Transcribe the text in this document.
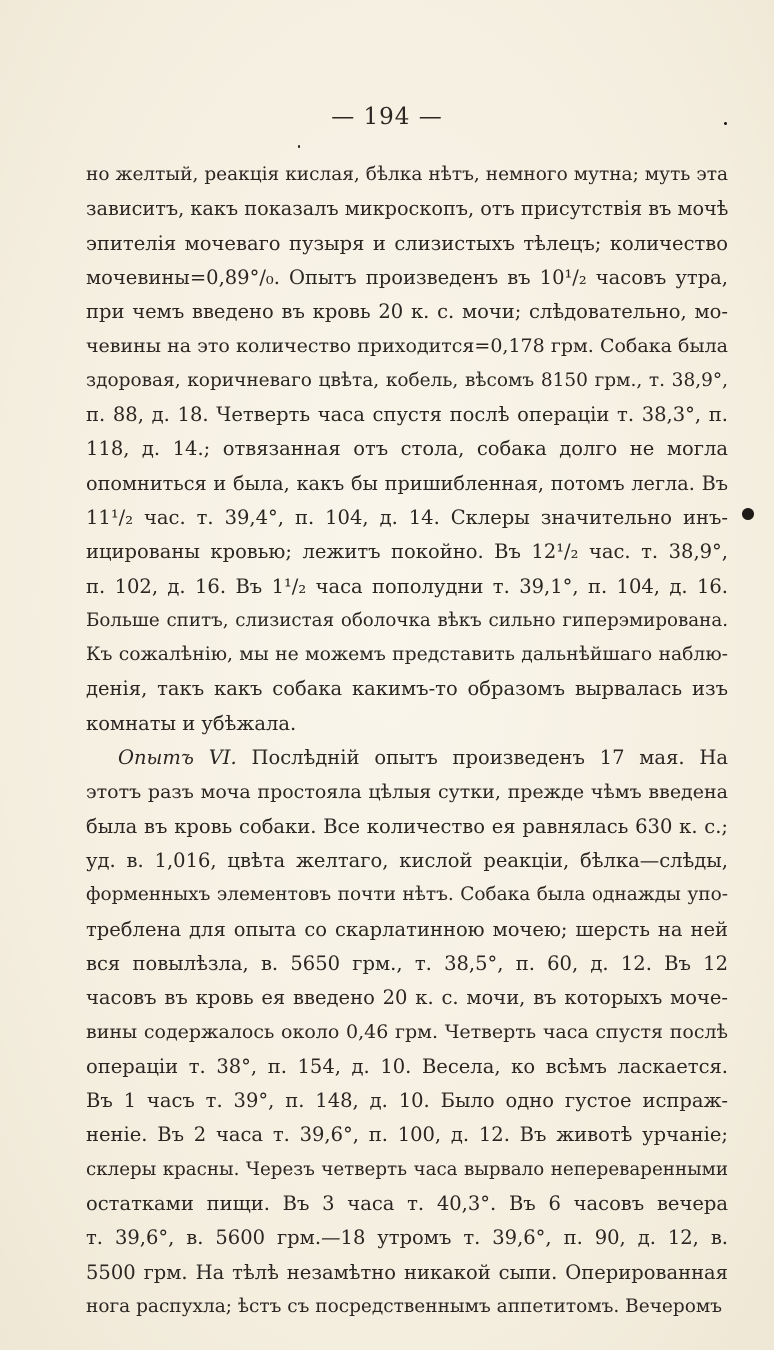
— 194 —
но желтый, реакція кислая, бѣлка нѣтъ, немного мутна; муть эта
зависитъ, какъ показалъ микроскопъ, отъ присутствія въ мочѣ
эпителія мочеваго пузыря и слизистыхъ тѣлецъ; количество
мочевины=0,89°/₀. Опытъ произведенъ въ 10¹/₂ часовъ утра,
при чемъ введено въ кровь 20 к. с. мочи; слѣдовательно, мо-
чевины на это количество приходится=0,178 грм. Собака была
здоровая, коричневаго цвѣта, кобель, вѣсомъ 8150 грм., т. 38,9°,
п. 88, д. 18. Четверть часа спустя послѣ операціи т. 38,3°, п.
118, д. 14.; отвязанная отъ стола, собака долго не могла
опомниться и была, какъ бы пришибленная, потомъ легла. Въ
11¹/₂ час. т. 39,4°, п. 104, д. 14. Склеры значительно инъ-
ицированы кровью; лежитъ покойно. Въ 12¹/₂ час. т. 38,9°,
п. 102, д. 16. Въ 1¹/₂ часа пополудни т. 39,1°, п. 104, д. 16.
Больше спитъ, слизистая оболочка вѣкъ сильно гиперэмирована.
Къ сожалѣнію, мы не можемъ представить дальнѣйшаго наблю-
денія, такъ какъ собака какимъ-то образомъ вырвалась изъ
комнаты и убѣжала.
Опытъ VI. Послѣдній опытъ произведенъ 17 мая. На
этотъ разъ моча простояла цѣлыя сутки, прежде чѣмъ введена
была въ кровь собаки. Все количество ея равнялась 630 к. с.;
уд. в. 1,016, цвѣта желтаго, кислой реакціи, бѣлка—слѣды,
форменныхъ элементовъ почти нѣтъ. Собака была однажды упо-
треблена для опыта со скарлатинною мочею; шерсть на ней
вся повылѣзла, в. 5650 грм., т. 38,5°, п. 60, д. 12. Въ 12
часовъ въ кровь ея введено 20 к. с. мочи, въ которыхъ моче-
вины содержалось около 0,46 грм. Четверть часа спустя послѣ
операціи т. 38°, п. 154, д. 10. Весела, ко всѣмъ ласкается.
Въ 1 часъ т. 39°, п. 148, д. 10. Было одно густое испраж-
неніе. Въ 2 часа т. 39,6°, п. 100, д. 12. Въ животѣ урчаніе;
склеры красны. Черезъ четверть часа вырвало непереваренными
остатками пищи. Въ 3 часа т. 40,3°. Въ 6 часовъ вечера
т. 39,6°, в. 5600 грм.—18 утромъ т. 39,6°, п. 90, д. 12, в.
5500 грм. На тѣлѣ незамѣтно никакой сыпи. Оперированная
нога распухла; ѣстъ съ посредственнымъ аппетитомъ. Вечеромъ
